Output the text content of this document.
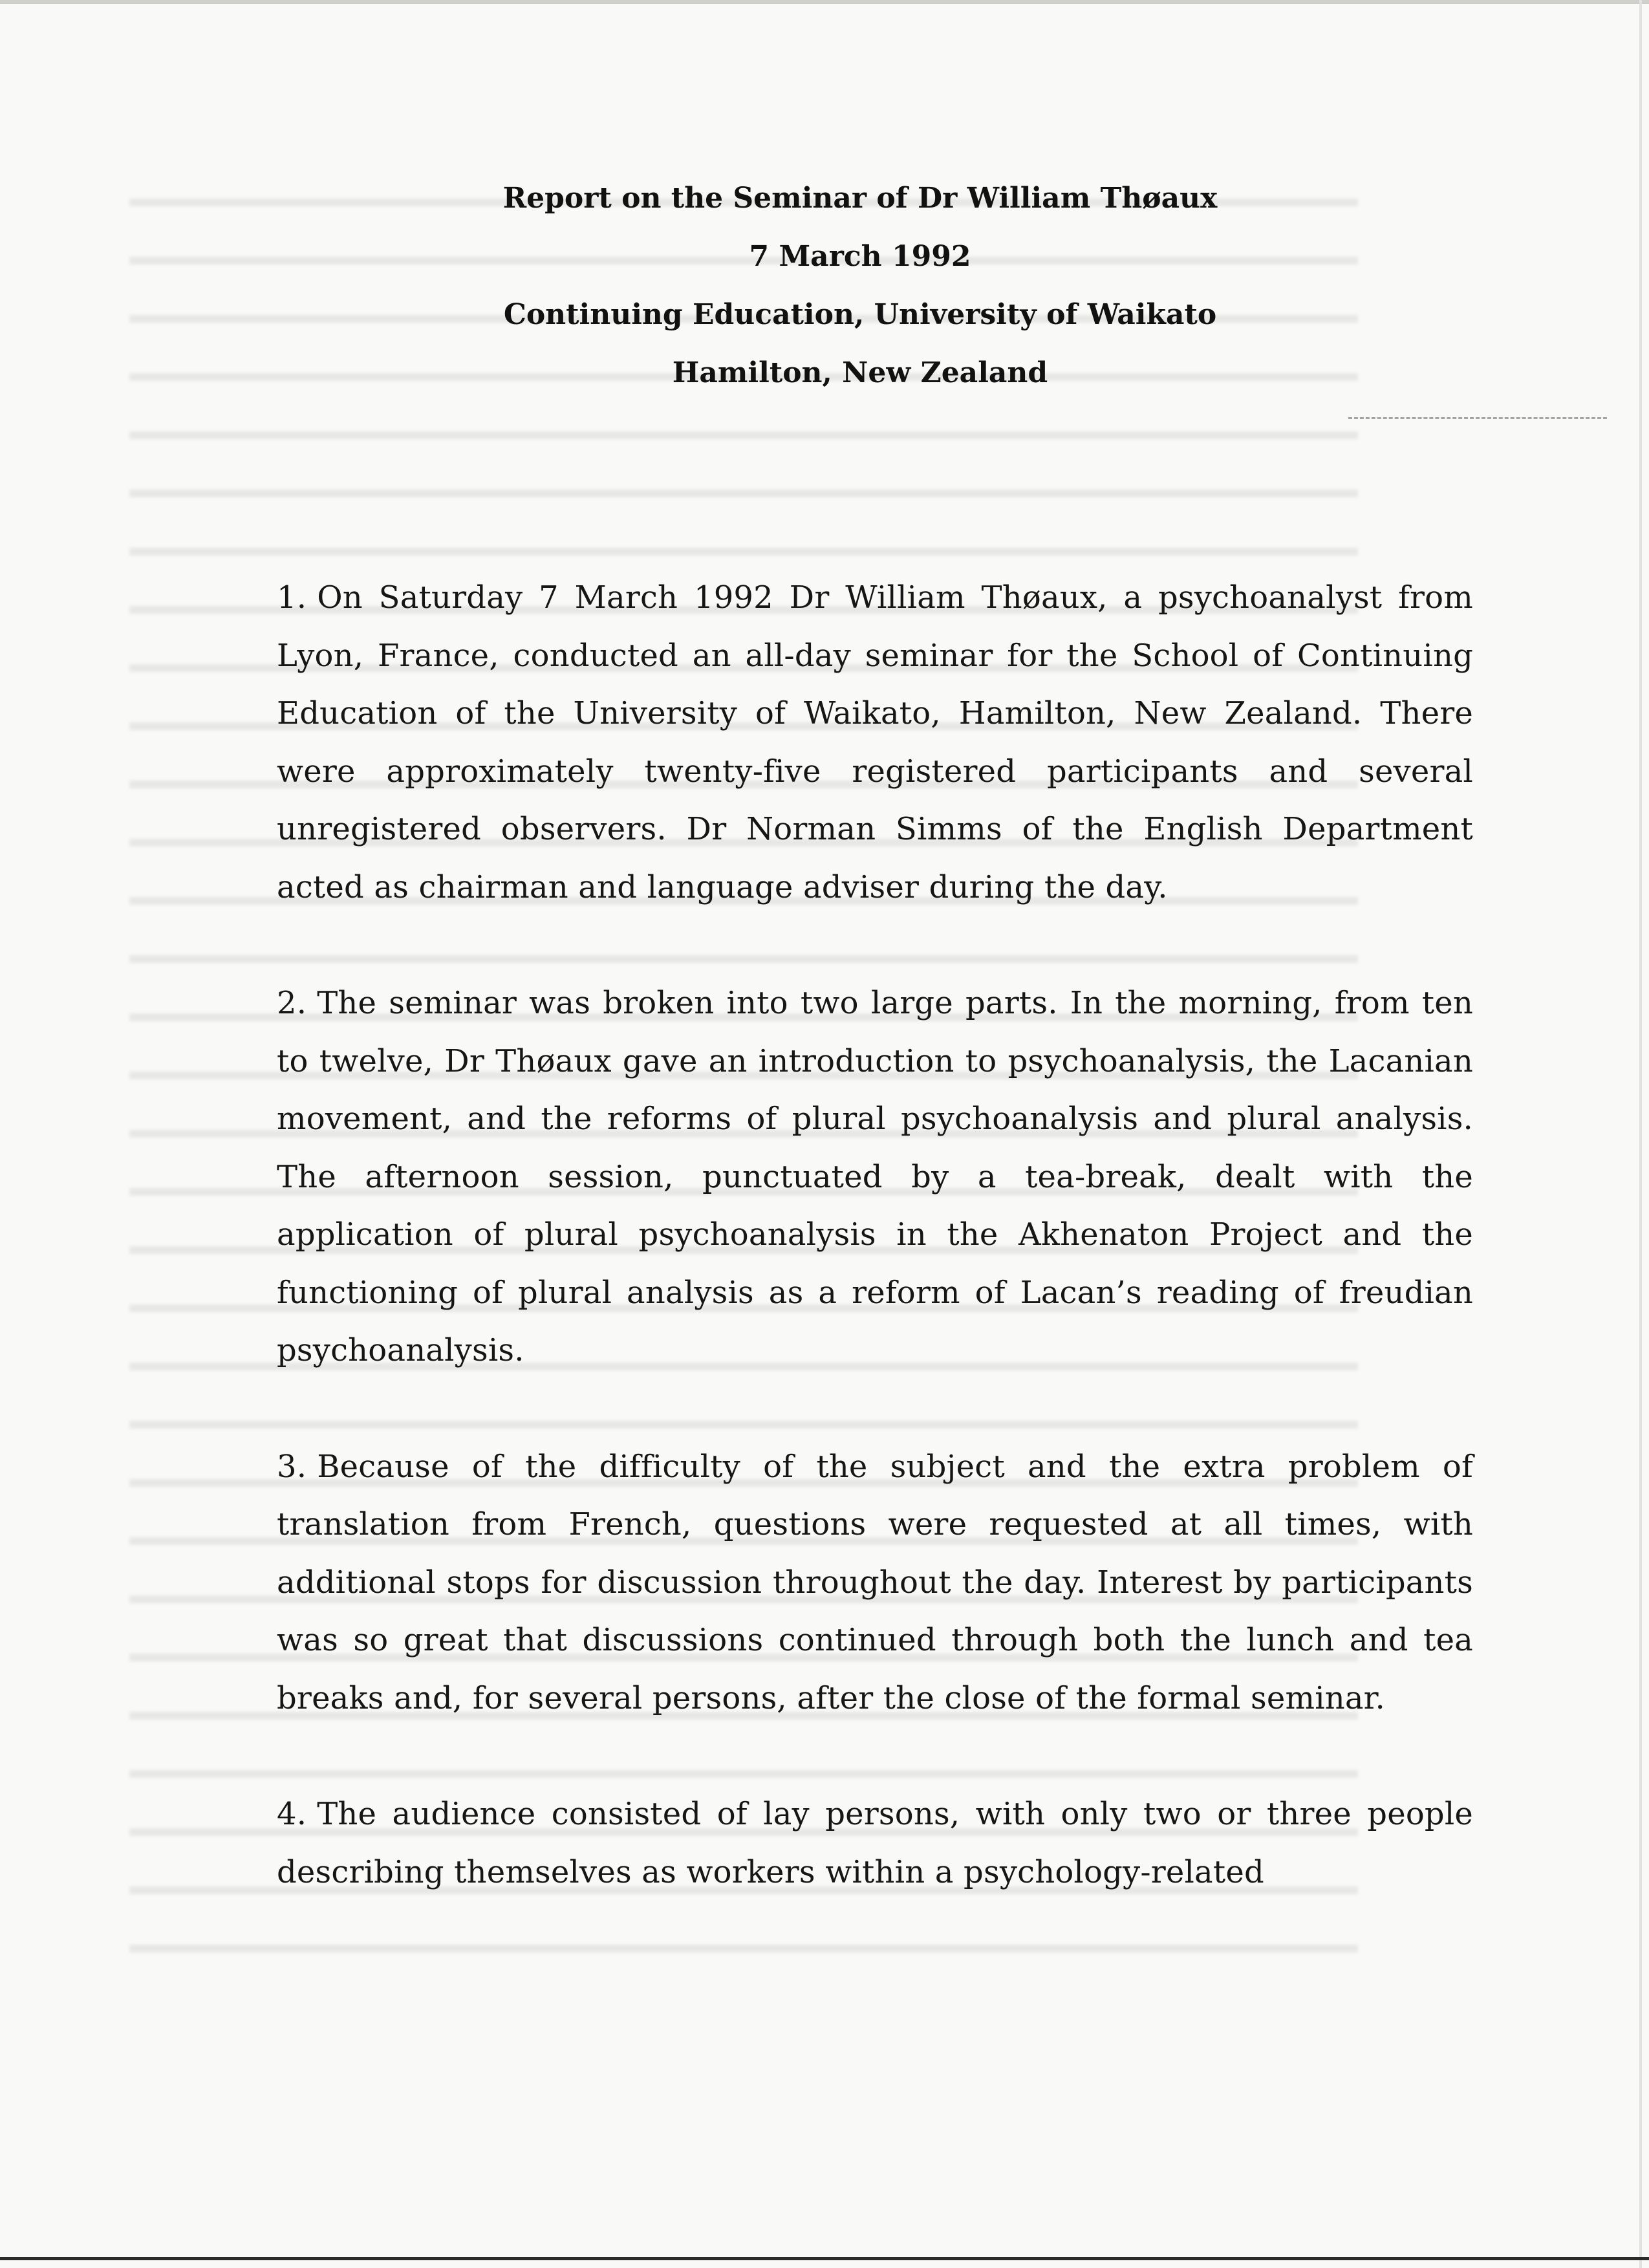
Report on the Seminar of Dr William Thøaux
7 March 1992
Continuing Education, University of Waikato
Hamilton, New Zealand

1. On Saturday 7 March 1992 Dr William Thøaux, a psychoanalyst from Lyon, France, conducted an all-day seminar for the School of Continuing Education of the University of Waikato, Hamilton, New Zealand. There were approximately twenty-five registered participants and several unregistered observers. Dr Norman Simms of the English Department acted as chairman and language adviser during the day.

2. The seminar was broken into two large parts. In the morning, from ten to twelve, Dr Thøaux gave an introduction to psychoanalysis, the Lacanian movement, and the reforms of plural psychoanalysis and plural analysis. The afternoon session, punctuated by a tea-break, dealt with the application of plural psychoanalysis in the Akhenaton Project and the functioning of plural analysis as a reform of Lacan’s reading of freudian psychoanalysis.

3. Because of the difficulty of the subject and the extra problem of translation from French, questions were requested at all times, with additional stops for discussion throughout the day. Interest by participants was so great that discussions continued through both the lunch and tea breaks and, for several persons, after the close of the formal seminar.

4. The audience consisted of lay persons, with only two or three people describing themselves as workers within a psychology-related
